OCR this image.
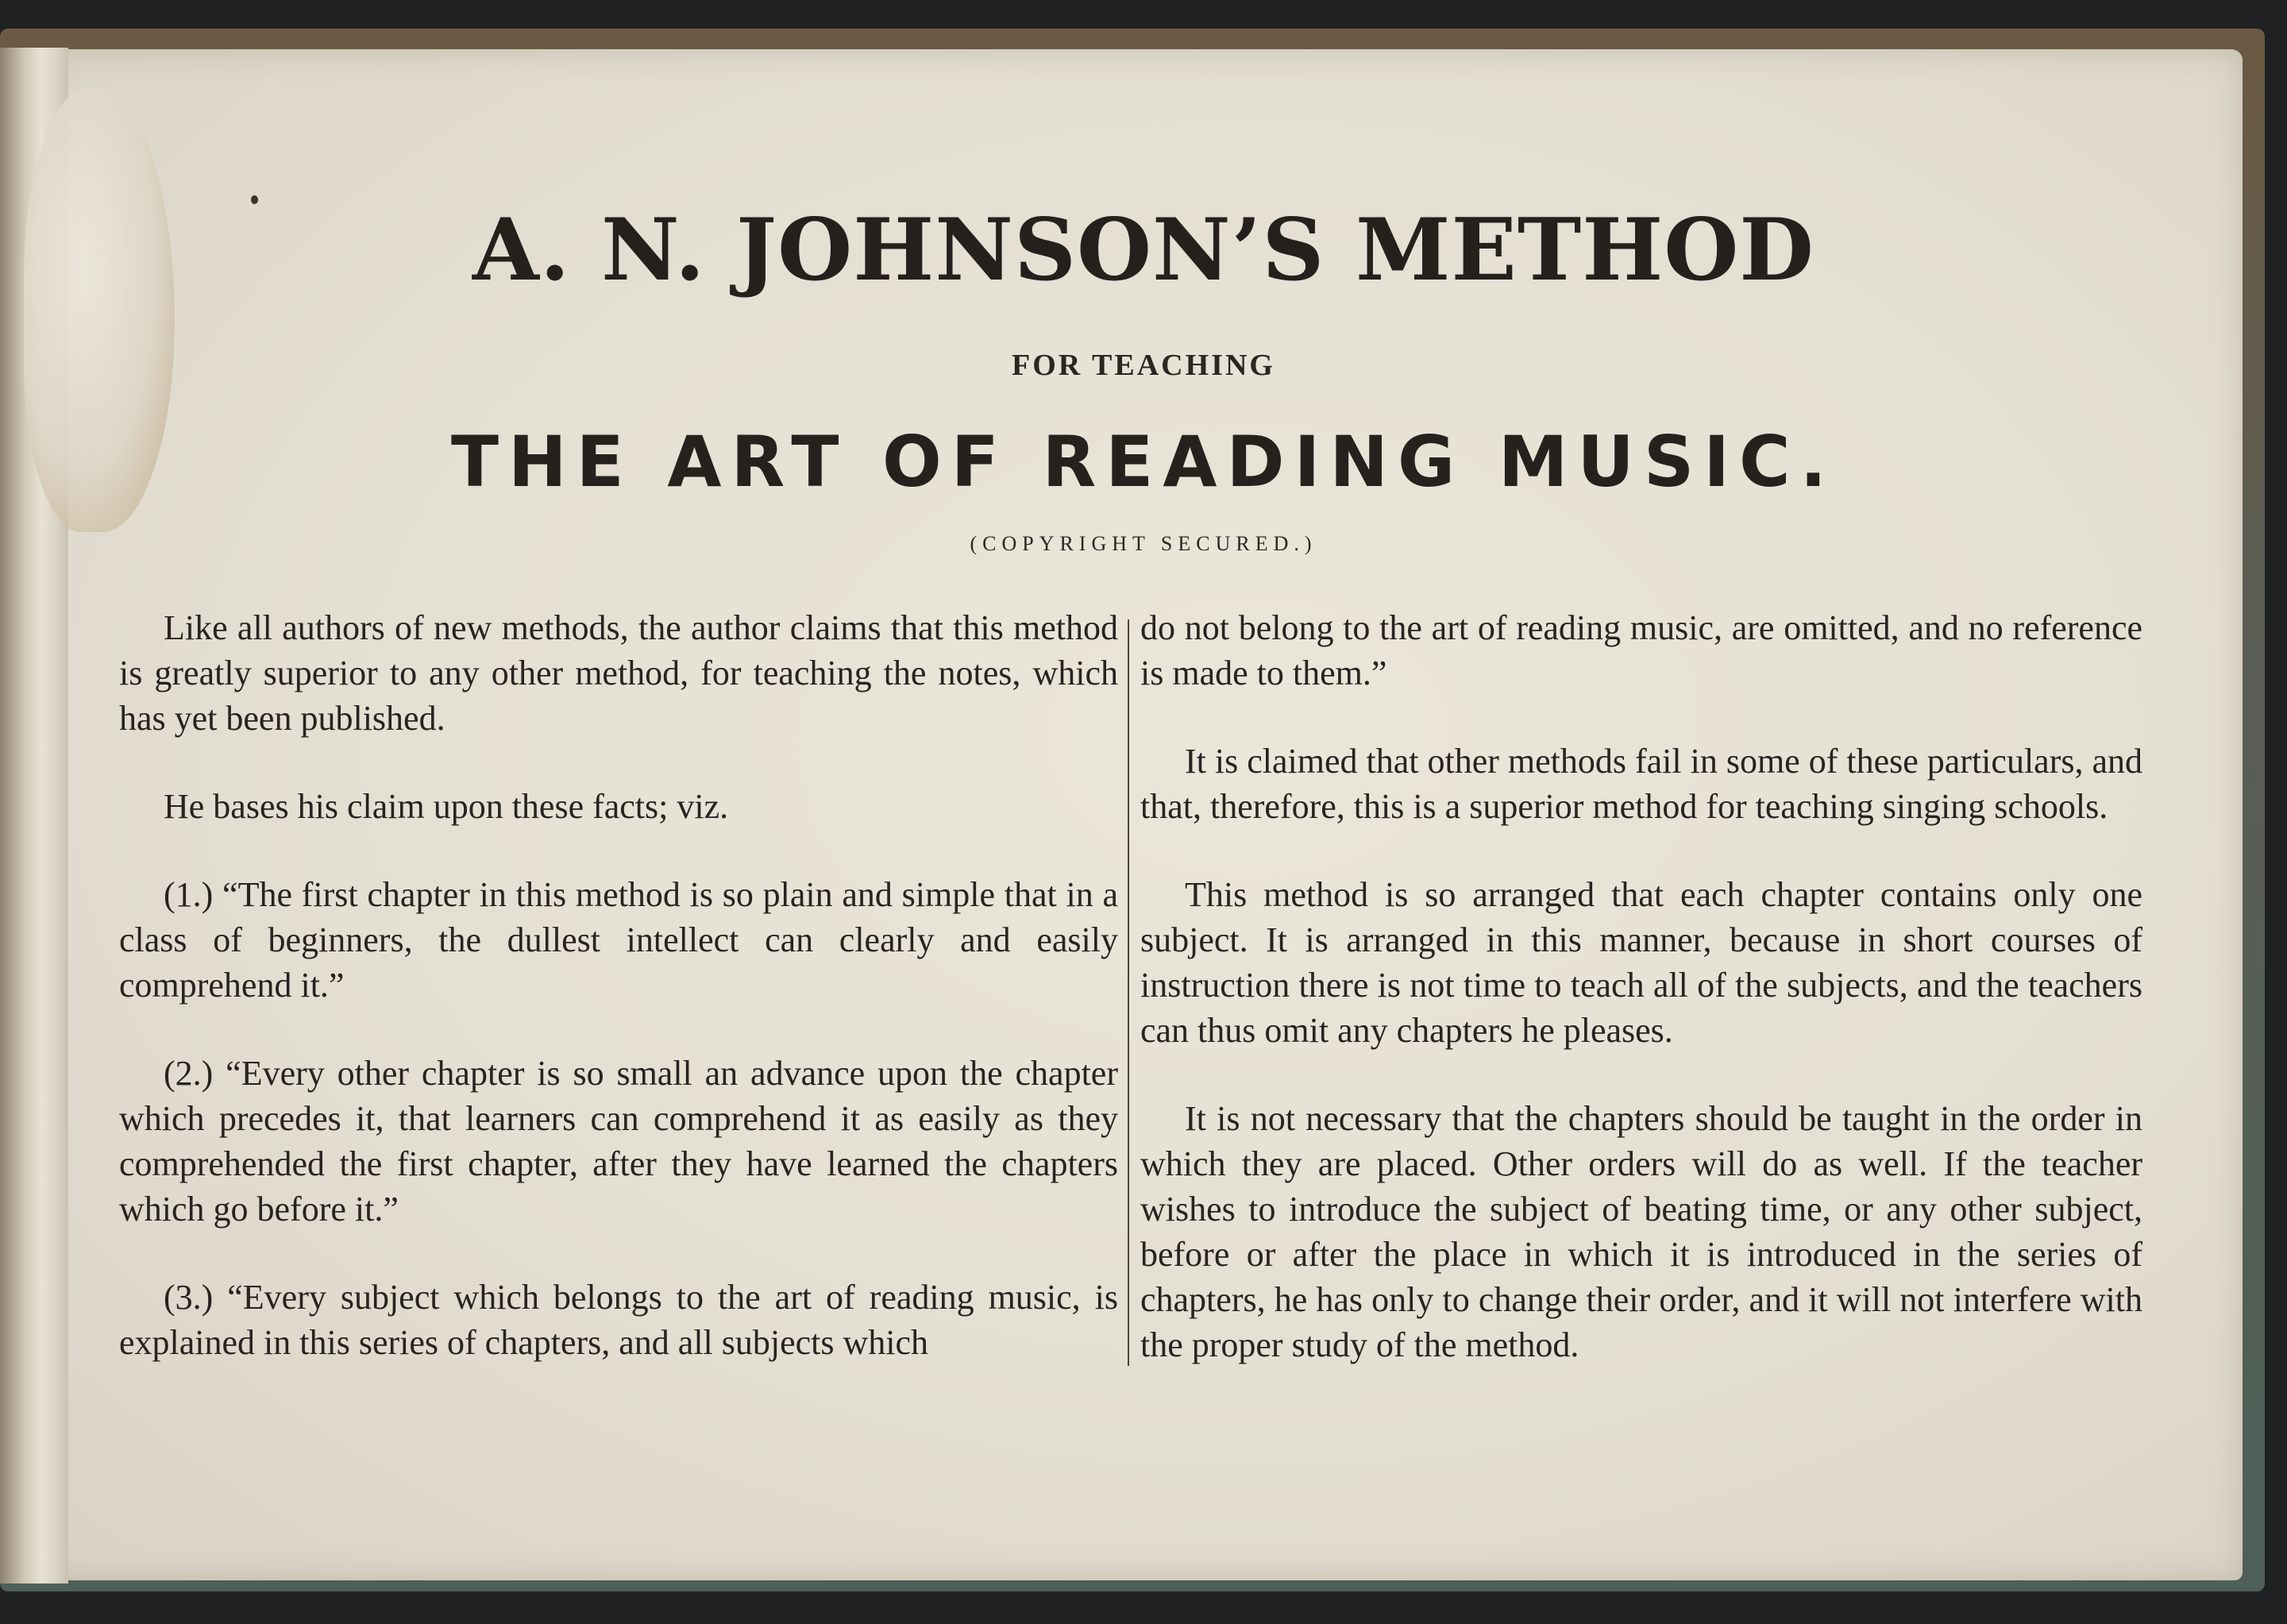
A. N. JOHNSON’S METHOD
FOR TEACHING
THE ART OF READING MUSIC.
(COPYRIGHT SECURED.)

Like all authors of new methods, the author claims that this method is greatly superior to any other method, for teaching the notes, which has yet been published.

He bases his claim upon these facts; viz.

(1.) “The first chapter in this method is so plain and simple that in a class of beginners, the dullest intellect can clearly and easily comprehend it.”

(2.) “Every other chapter is so small an advance upon the chapter which precedes it, that learners can comprehend it as easily as they comprehended the first chapter, after they have learned the chapters which go before it.”

(3.) “Every subject which belongs to the art of reading music, is explained in this series of chapters, and all subjects which

do not belong to the art of reading music, are omitted, and no reference is made to them.”

It is claimed that other methods fail in some of these particulars, and that, therefore, this is a superior method for teaching singing schools.

This method is so arranged that each chapter contains only one subject. It is arranged in this manner, because in short courses of instruction there is not time to teach all of the subjects, and the teachers can thus omit any chapters he pleases.

It is not necessary that the chapters should be taught in the order in which they are placed. Other orders will do as well. If the teacher wishes to introduce the subject of beating time, or any other subject, before or after the place in which it is introduced in the series of chapters, he has only to change their order, and it will not interfere with the proper study of the method.
